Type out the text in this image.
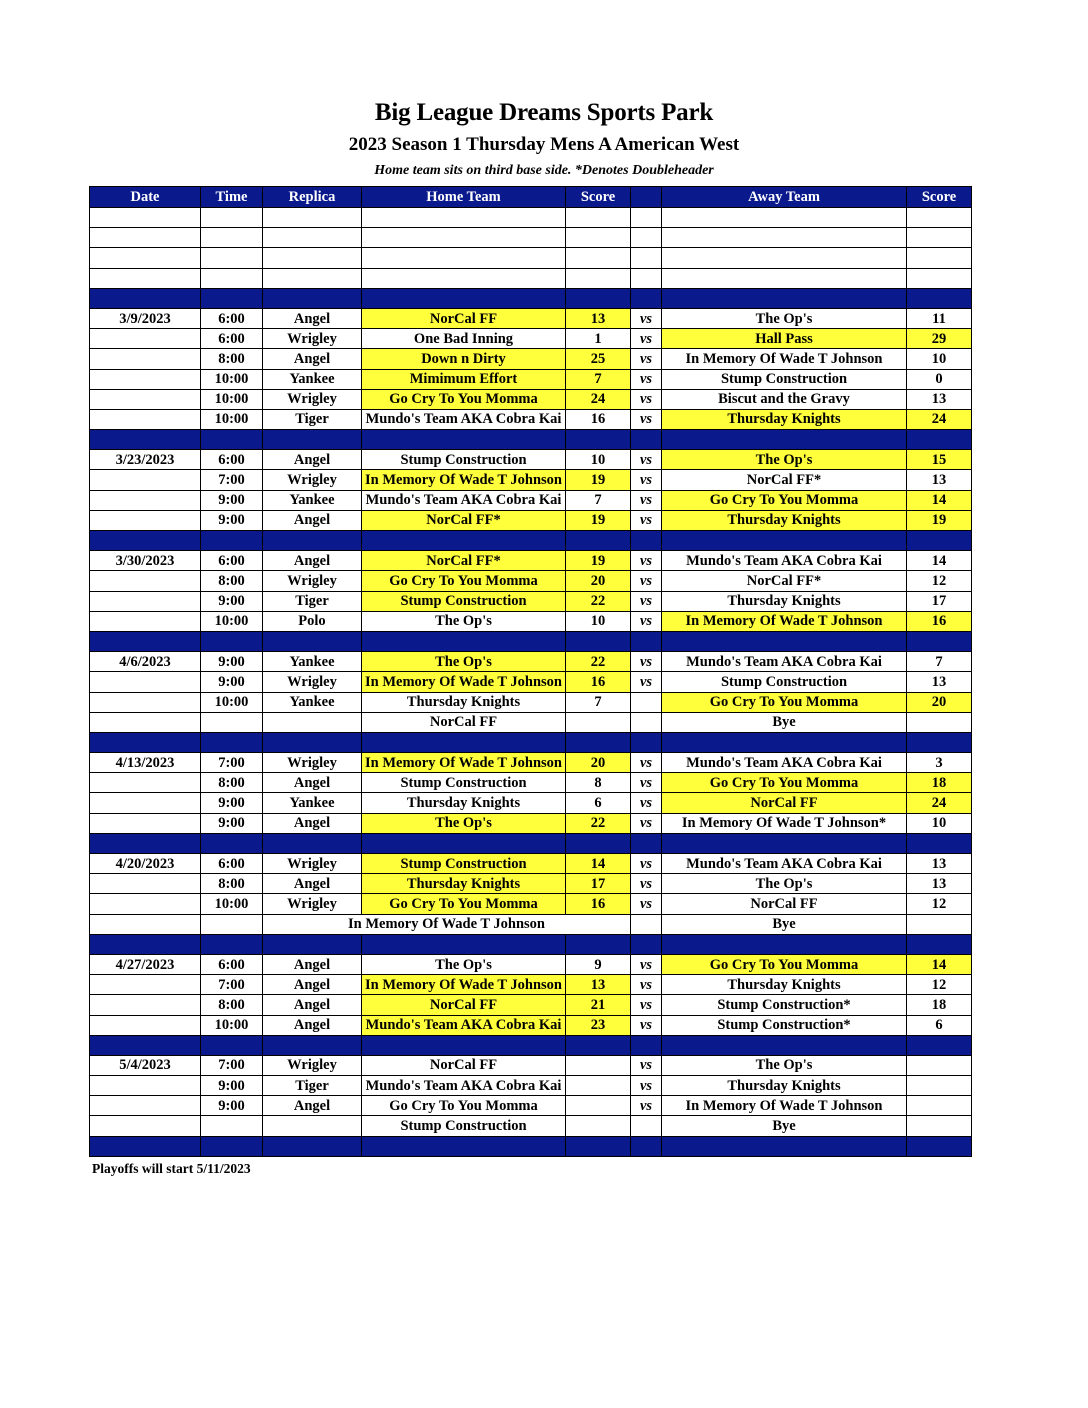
Big League Dreams Sports Park
2023 Season 1 Thursday Mens A American West
Home team sits on third base side. *Denotes Doubleheader
Date	Time	Replica	Home Team	Score		Away Team	Score

3/9/2023	6:00	Angel	NorCal FF	13	vs	The Op's	11
	6:00	Wrigley	One Bad Inning	1	vs	Hall Pass	29
	8:00	Angel	Down n Dirty	25	vs	In Memory Of Wade T Johnson	10
	10:00	Yankee	Mimimum Effort	7	vs	Stump Construction	0
	10:00	Wrigley	Go Cry To You Momma	24	vs	Biscut and the Gravy	13
	10:00	Tiger	Mundo's Team AKA Cobra Kai	16	vs	Thursday Knights	24

3/23/2023	6:00	Angel	Stump Construction	10	vs	The Op's	15
	7:00	Wrigley	In Memory Of Wade T Johnson	19	vs	NorCal FF*	13
	9:00	Yankee	Mundo's Team AKA Cobra Kai	7	vs	Go Cry To You Momma	14
	9:00	Angel	NorCal FF*	19	vs	Thursday Knights	19

3/30/2023	6:00	Angel	NorCal FF*	19	vs	Mundo's Team AKA Cobra Kai	14
	8:00	Wrigley	Go Cry To You Momma	20	vs	NorCal FF*	12
	9:00	Tiger	Stump Construction	22	vs	Thursday Knights	17
	10:00	Polo	The Op's	10	vs	In Memory Of Wade T Johnson	16

4/6/2023	9:00	Yankee	The Op's	22	vs	Mundo's Team AKA Cobra Kai	7
	9:00	Wrigley	In Memory Of Wade T Johnson	16	vs	Stump Construction	13
	10:00	Yankee	Thursday Knights	7		Go Cry To You Momma	20
			NorCal FF			Bye	

4/13/2023	7:00	Wrigley	In Memory Of Wade T Johnson	20	vs	Mundo's Team AKA Cobra Kai	3
	8:00	Angel	Stump Construction	8	vs	Go Cry To You Momma	18
	9:00	Yankee	Thursday Knights	6	vs	NorCal FF	24
	9:00	Angel	The Op's	22	vs	In Memory Of Wade T Johnson*	10

4/20/2023	6:00	Wrigley	Stump Construction	14	vs	Mundo's Team AKA Cobra Kai	13
	8:00	Angel	Thursday Knights	17	vs	The Op's	13
	10:00	Wrigley	Go Cry To You Momma	16	vs	NorCal FF	12
		In Memory Of Wade T Johnson				Bye	

4/27/2023	6:00	Angel	The Op's	9	vs	Go Cry To You Momma	14
	7:00	Angel	In Memory Of Wade T Johnson	13	vs	Thursday Knights	12
	8:00	Angel	NorCal FF	21	vs	Stump Construction*	18
	10:00	Angel	Mundo's Team AKA Cobra Kai	23	vs	Stump Construction*	6

5/4/2023	7:00	Wrigley	NorCal FF		vs	The Op's	
	9:00	Tiger	Mundo's Team AKA Cobra Kai		vs	Thursday Knights	
	9:00	Angel	Go Cry To You Momma		vs	In Memory Of Wade T Johnson	
			Stump Construction			Bye	

Playoffs will start 5/11/2023
